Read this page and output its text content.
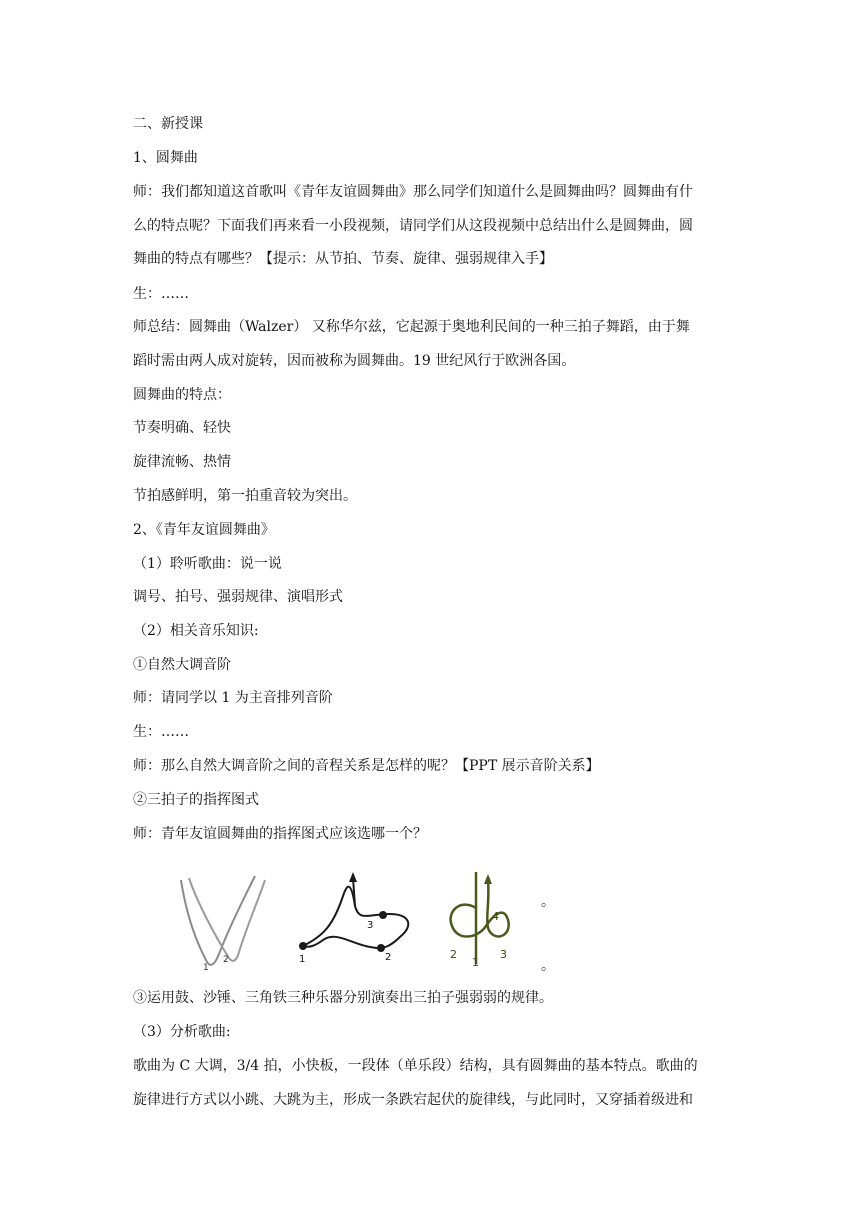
二、新授课
1、圆舞曲
师：我们都知道这首歌叫《青年友谊圆舞曲》那么同学们知道什么是圆舞曲吗？圆舞曲有什
么的特点呢？下面我们再来看一小段视频，请同学们从这段视频中总结出什么是圆舞曲，圆
舞曲的特点有哪些？【提示：从节拍、节奏、旋律、强弱规律入手】
生：……
师总结：圆舞曲（Walzer） 又称华尔兹，它起源于奥地利民间的一种三拍子舞蹈，由于舞
蹈时需由两人成对旋转，因而被称为圆舞曲。19 世纪风行于欧洲各国。
圆舞曲的特点：
节奏明确、轻快
旋律流畅、热情
节拍感鲜明，第一拍重音较为突出。
2、《青年友谊圆舞曲》
（1）聆听歌曲：说一说
调号、拍号、强弱规律、演唱形式
（2）相关音乐知识:
①自然大调音阶
师：请同学以 1 为主音排列音阶
生：……
师：那么自然大调音阶之间的音程关系是怎样的呢？【PPT 展示音阶关系】
②三拍子的指挥图式
师：青年友谊圆舞曲的指挥图式应该选哪一个？
1
2	1	2
3
2
1
3
4
。
。
③运用鼓、沙锤、三角铁三种乐器分别演奏出三拍子强弱弱的规律。
（3）分析歌曲:
歌曲为 C 大调，3/4 拍，小快板，一段体（单乐段）结构，具有圆舞曲的基本特点。歌曲的
旋律进行方式以小跳、大跳为主，形成一条跌宕起伏的旋律线，与此同时，又穿插着级进和
